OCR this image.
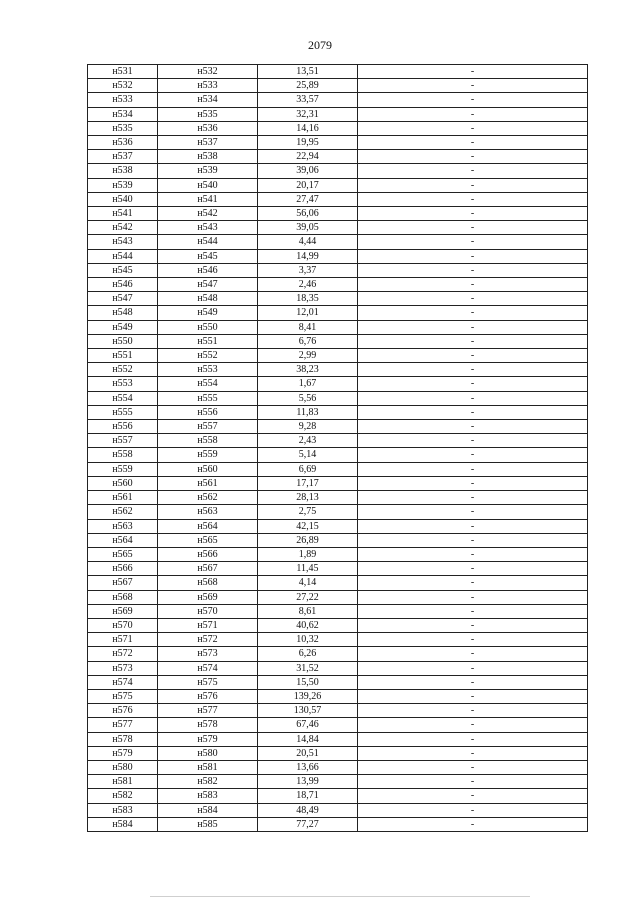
2079
н531	н532	13,51	-
н532	н533	25,89	-
н533	н534	33,57	-
н534	н535	32,31	-
н535	н536	14,16	-
н536	н537	19,95	-
н537	н538	22,94	-
н538	н539	39,06	-
н539	н540	20,17	-
н540	н541	27,47	-
н541	н542	56,06	-
н542	н543	39,05	-
н543	н544	4,44	-
н544	н545	14,99	-
н545	н546	3,37	-
н546	н547	2,46	-
н547	н548	18,35	-
н548	н549	12,01	-
н549	н550	8,41	-
н550	н551	6,76	-
н551	н552	2,99	-
н552	н553	38,23	-
н553	н554	1,67	-
н554	н555	5,56	-
н555	н556	11,83	-
н556	н557	9,28	-
н557	н558	2,43	-
н558	н559	5,14	-
н559	н560	6,69	-
н560	н561	17,17	-
н561	н562	28,13	-
н562	н563	2,75	-
н563	н564	42,15	-
н564	н565	26,89	-
н565	н566	1,89	-
н566	н567	11,45	-
н567	н568	4,14	-
н568	н569	27,22	-
н569	н570	8,61	-
н570	н571	40,62	-
н571	н572	10,32	-
н572	н573	6,26	-
н573	н574	31,52	-
н574	н575	15,50	-
н575	н576	139,26	-
н576	н577	130,57	-
н577	н578	67,46	-
н578	н579	14,84	-
н579	н580	20,51	-
н580	н581	13,66	-
н581	н582	13,99	-
н582	н583	18,71	-
н583	н584	48,49	-
н584	н585	77,27	-
